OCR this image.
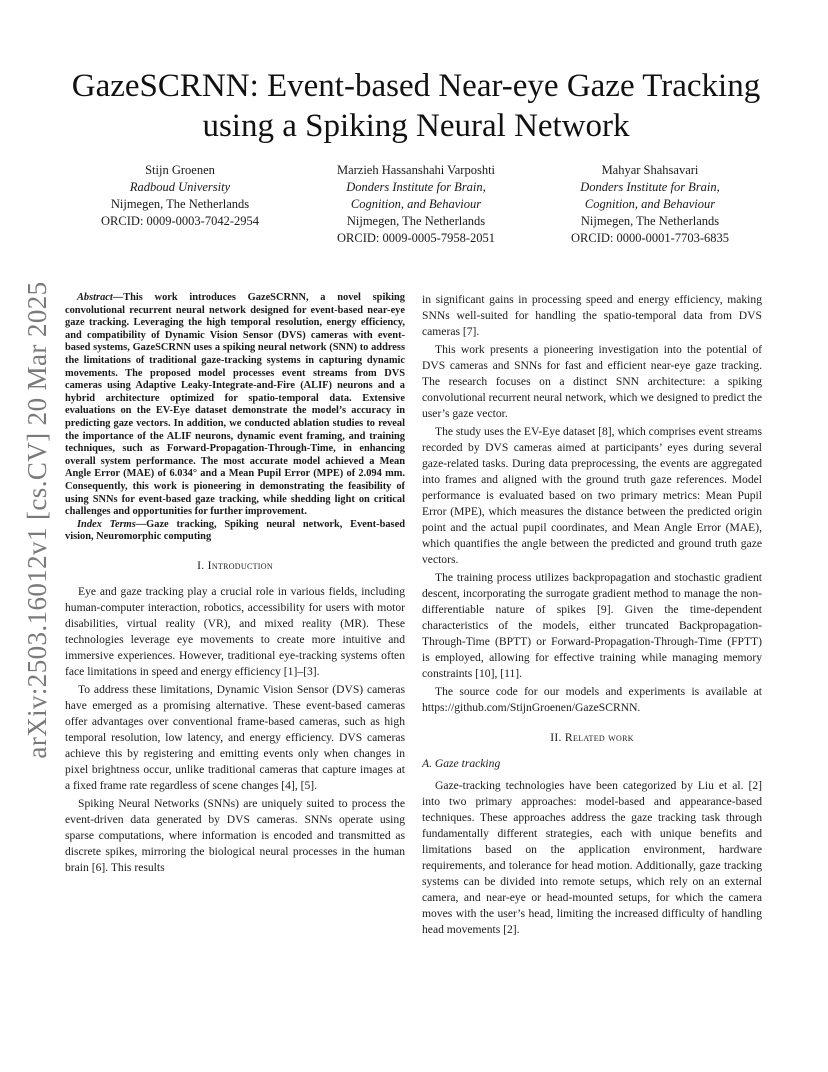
arXiv:2503.16012v1 [cs.CV] 20 Mar 2025
GazeSCRNN: Event-based Near-eye Gaze Tracking using a Spiking Neural Network
Stijn Groenen
Radboud University
Nijmegen, The Netherlands
ORCID: 0009-0003-7042-2954
Marzieh Hassanshahi Varposhti
Donders Institute for Brain, Cognition, and Behaviour
Nijmegen, The Netherlands
ORCID: 0009-0005-7958-2051
Mahyar Shahsavari
Donders Institute for Brain, Cognition, and Behaviour
Nijmegen, The Netherlands
ORCID: 0000-0001-7703-6835

Abstract—This work introduces GazeSCRNN, a novel spiking convolutional recurrent neural network designed for event-based near-eye gaze tracking. Leveraging the high temporal resolution, energy efficiency, and compatibility of Dynamic Vision Sensor (DVS) cameras with event-based systems, GazeSCRNN uses a spiking neural network (SNN) to address the limitations of traditional gaze-tracking systems in capturing dynamic movements. The proposed model processes event streams from DVS cameras using Adaptive Leaky-Integrate-and-Fire (ALIF) neurons and a hybrid architecture optimized for spatio-temporal data. Extensive evaluations on the EV-Eye dataset demonstrate the model’s accuracy in predicting gaze vectors. In addition, we conducted ablation studies to reveal the importance of the ALIF neurons, dynamic event framing, and training techniques, such as Forward-Propagation-Through-Time, in enhancing overall system performance. The most accurate model achieved a Mean Angle Error (MAE) of 6.034° and a Mean Pupil Error (MPE) of 2.094 mm. Consequently, this work is pioneering in demonstrating the feasibility of using SNNs for event-based gaze tracking, while shedding light on critical challenges and opportunities for further improvement.

Index Terms—Gaze tracking, Spiking neural network, Event-based vision, Neuromorphic computing

I. Introduction

Eye and gaze tracking play a crucial role in various fields, including human-computer interaction, robotics, accessibility for users with motor disabilities, virtual reality (VR), and mixed reality (MR). These technologies leverage eye movements to create more intuitive and immersive experiences. However, traditional eye-tracking systems often face limitations in speed and energy efficiency [1]–[3].

To address these limitations, Dynamic Vision Sensor (DVS) cameras have emerged as a promising alternative. These event-based cameras offer advantages over conventional frame-based cameras, such as high temporal resolution, low latency, and energy efficiency. DVS cameras achieve this by registering and emitting events only when changes in pixel brightness occur, unlike traditional cameras that capture images at a fixed frame rate regardless of scene changes [4], [5].

Spiking Neural Networks (SNNs) are uniquely suited to process the event-driven data generated by DVS cameras. SNNs operate using sparse computations, where information is encoded and transmitted as discrete spikes, mirroring the biological neural processes in the human brain [6]. This results

in significant gains in processing speed and energy efficiency, making SNNs well-suited for handling the spatio-temporal data from DVS cameras [7].

This work presents a pioneering investigation into the potential of DVS cameras and SNNs for fast and efficient near-eye gaze tracking. The research focuses on a distinct SNN architecture: a spiking convolutional recurrent neural network, which we designed to predict the user’s gaze vector.

The study uses the EV-Eye dataset [8], which comprises event streams recorded by DVS cameras aimed at participants’ eyes during several gaze-related tasks. During data preprocessing, the events are aggregated into frames and aligned with the ground truth gaze references. Model performance is evaluated based on two primary metrics: Mean Pupil Error (MPE), which measures the distance between the predicted origin point and the actual pupil coordinates, and Mean Angle Error (MAE), which quantifies the angle between the predicted and ground truth gaze vectors.

The training process utilizes backpropagation and stochastic gradient descent, incorporating the surrogate gradient method to manage the non-differentiable nature of spikes [9]. Given the time-dependent characteristics of the models, either truncated Backpropagation-Through-Time (BPTT) or Forward-Propagation-Through-Time (FPTT) is employed, allowing for effective training while managing memory constraints [10], [11].

The source code for our models and experiments is available at https://github.com/StijnGroenen/GazeSCRNN.

II. Related work
A. Gaze tracking

Gaze-tracking technologies have been categorized by Liu et al. [2] into two primary approaches: model-based and appearance-based techniques. These approaches address the gaze tracking task through fundamentally different strategies, each with unique benefits and limitations based on the application environment, hardware requirements, and tolerance for head motion. Additionally, gaze tracking systems can be divided into remote setups, which rely on an external camera, and near-eye or head-mounted setups, for which the camera moves with the user’s head, limiting the increased difficulty of handling head movements [2].
